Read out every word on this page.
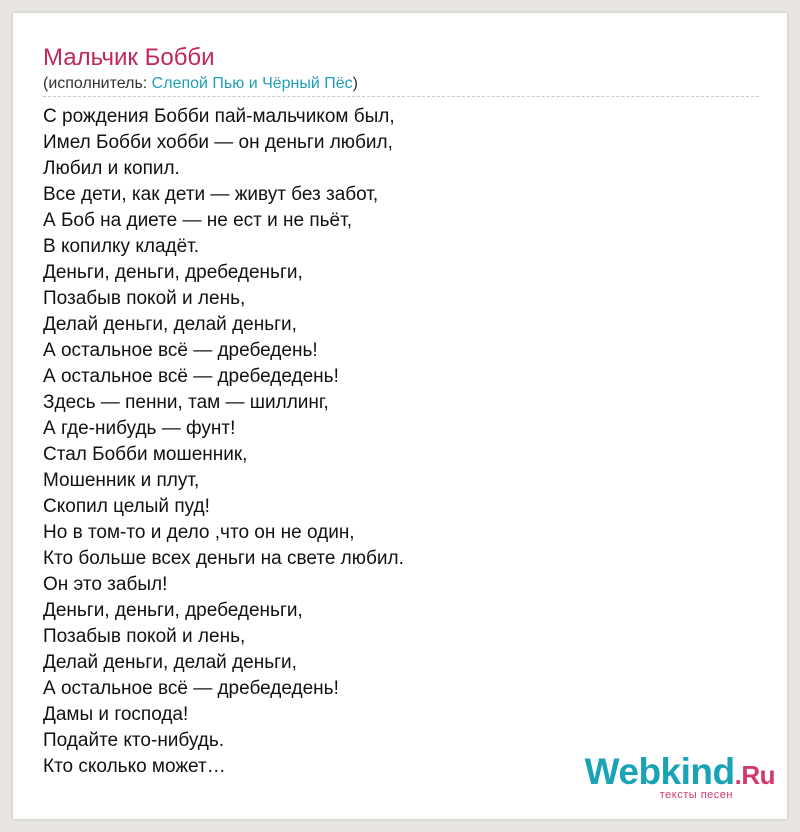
Мальчик Бобби
(исполнитель: Слепой Пью и Чёрный Пёс)
С рождения Бобби пай-мальчиком был,
Имел Бобби хобби — он деньги любил,
Любил и копил.
Все дети, как дети — живут без забот,
А Боб на диете — не ест и не пьёт,
В копилку кладёт.
Деньги, деньги, дребеденьги,
Позабыв покой и лень,
Делай деньги, делай деньги,
А остальное всё — дребедень!
А остальное всё — дребедедень!
Здесь — пенни, там — шиллинг,
А где-нибудь — фунт!
Стал Бобби мошенник,
Мошенник и плут,
Скопил целый пуд!
Но в том-то и дело ,что он не один,
Кто больше всех деньги на свете любил.
Он это забыл!
Деньги, деньги, дребеденьги,
Позабыв покой и лень,
Делай деньги, делай деньги,
А остальное всё — дребедедень!
Дамы и господа!
Подайте кто-нибудь.
Кто сколько может…	Webkind.Ru
тексты песен
